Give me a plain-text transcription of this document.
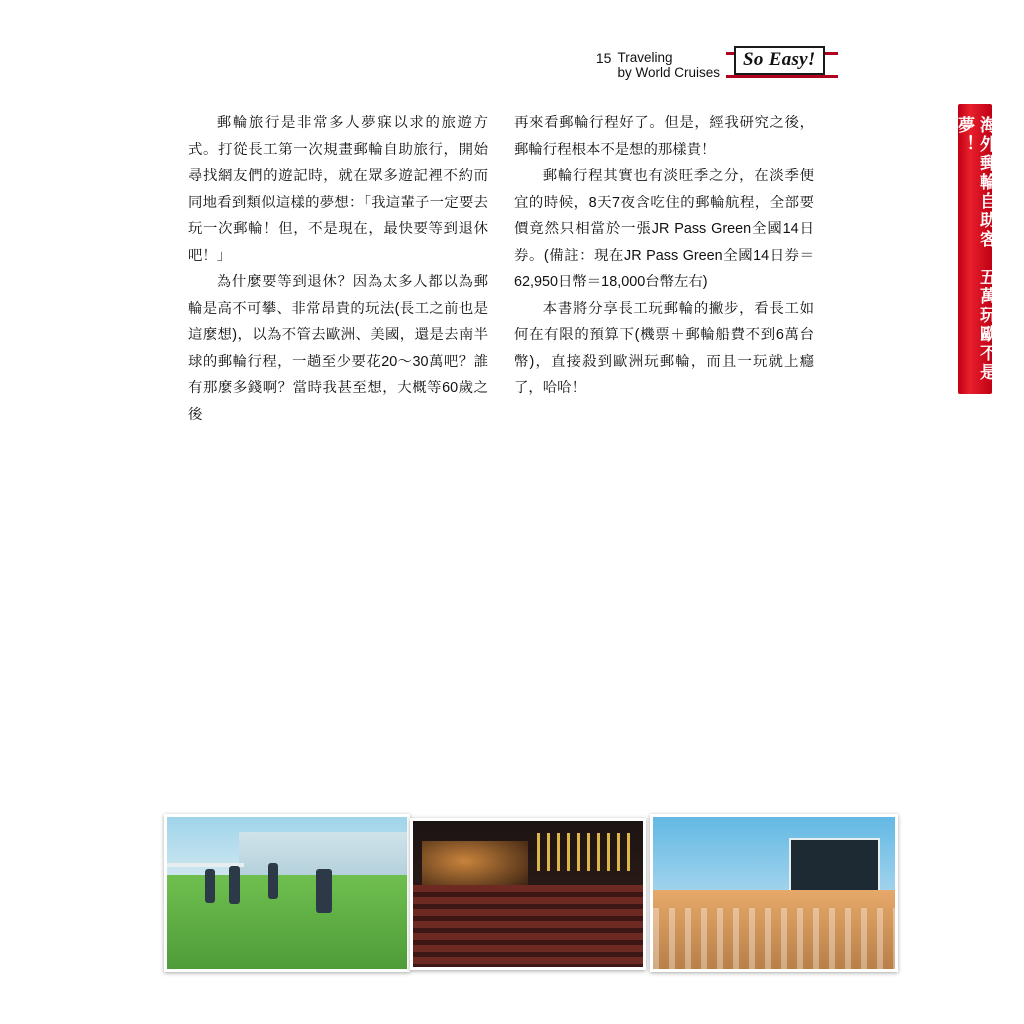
15 Traveling
by World Cruises
So Easy!
海外郵輪自助客，五萬玩歐不是夢！

郵輪旅行是非常多人夢寐以求的旅遊方式。打從長工第一次規畫郵輪自助旅行，開始尋找網友們的遊記時，就在眾多遊記裡不約而同地看到類似這樣的夢想：「我這輩子一定要去玩一次郵輪！但，不是現在，最快要等到退休吧！」

為什麼要等到退休？因為太多人都以為郵輪是高不可攀、非常昂貴的玩法(長工之前也是這麼想)，以為不管去歐洲、美國，還是去南半球的郵輪行程，一趟至少要花20～30萬吧？誰有那麼多錢啊？當時我甚至想，大概等60歲之後

再來看郵輪行程好了。但是，經我研究之後，郵輪行程根本不是想的那樣貴！

郵輪行程其實也有淡旺季之分，在淡季便宜的時候，8天7夜含吃住的郵輪航程，全部要價竟然只相當於一張JR Pass Green全國14日券。(備註：現在JR Pass Green全國14日券＝62,950日幣＝18,000台幣左右)

本書將分享長工玩郵輪的撇步，看長工如何在有限的預算下(機票＋郵輪船費不到6萬台幣)，直接殺到歐洲玩郵輪，而且一玩就上癮了，哈哈！
